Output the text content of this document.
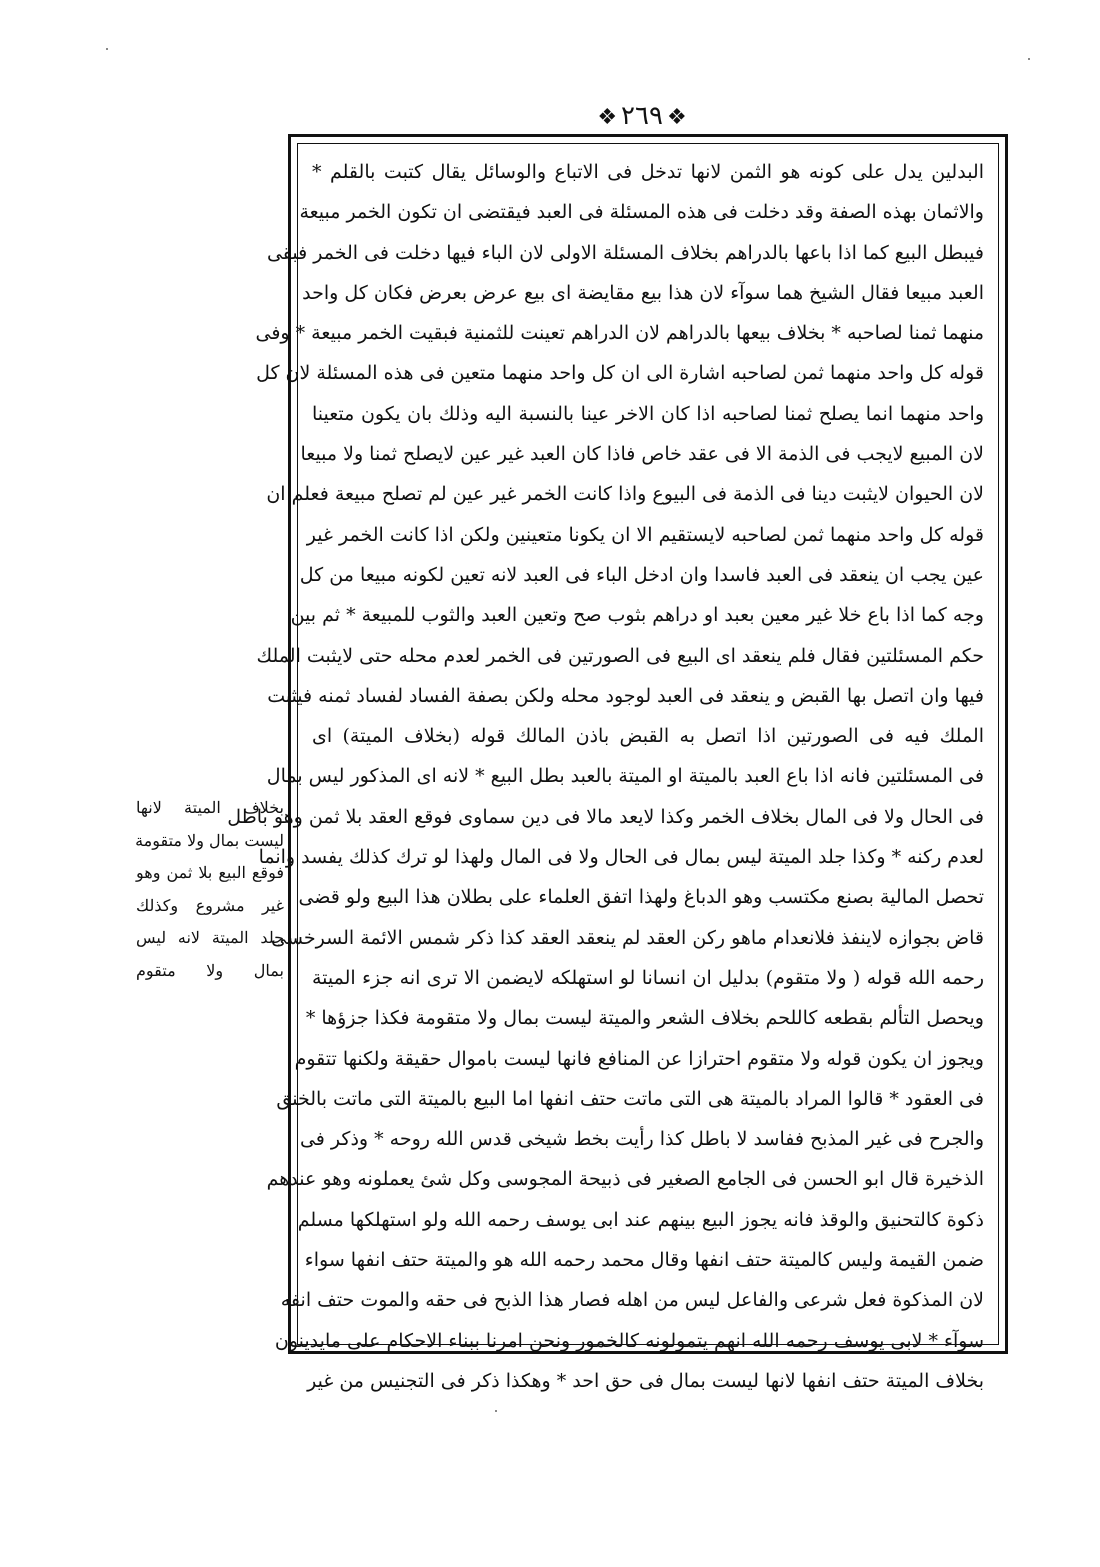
❖٢٦٩❖
البدلين يدل على كونه هو الثمن لانها تدخل فى الاتباع والوسائل يقال كتبت بالقلم *
والاثمان بهذه الصفة وقد دخلت فى هذه المسئلة فى العبد فيقتضى ان تكون الخمر مبيعة
فيبطل البيع كما اذا باعها بالدراهم بخلاف المسئلة الاولى لان الباء فيها دخلت فى الخمر فبقى
العبد مبيعا فقال الشيخ هما سوآء لان هذا بيع مقايضة اى بيع عرض بعرض فكان كل واحد
منهما ثمنا لصاحبه * بخلاف بيعها بالدراهم لان الدراهم تعينت للثمنية فبقيت الخمر مبيعة * وفى
قوله كل واحد منهما ثمن لصاحبه اشارة الى ان كل واحد منهما متعين فى هذه المسئلة لان كل
واحد منهما انما يصلح ثمنا لصاحبه اذا كان الاخر عينا بالنسبة اليه وذلك بان يكون متعينا
لان المبيع لايجب فى الذمة الا فى عقد خاص فاذا كان العبد غير عين لايصلح ثمنا ولا مبيعا
لان الحيوان لايثبت دينا فى الذمة فى البيوع واذا كانت الخمر غير عين لم تصلح مبيعة فعلم ان
قوله كل واحد منهما ثمن لصاحبه لايستقيم الا ان يكونا متعينين ولكن اذا كانت الخمر غير
عين يجب ان ينعقد فى العبد فاسدا وان ادخل الباء فى العبد لانه تعين لكونه مبيعا من كل
وجه كما اذا باع خلا غير معين بعبد او دراهم بثوب صح وتعين العبد والثوب للمبيعة * ثم بين
حكم المسئلتين فقال فلم ينعقد اى البيع فى الصورتين فى الخمر لعدم محله حتى لايثبت الملك
فيها وان اتصل بها القبض و ينعقد فى العبد لوجود محله ولكن بصفة الفساد لفساد ثمنه فيثبت
الملك فيه فى الصورتين اذا اتصل به القبض باذن المالك قوله (بخلاف الميتة) اى
فى المسئلتين فانه اذا باع العبد بالميتة او الميتة بالعبد بطل البيع * لانه اى المذكور ليس بمال
فى الحال ولا فى المال بخلاف الخمر وكذا لايعد مالا فى دين سماوى فوقع العقد بلا ثمن وهو باطل
لعدم ركنه * وكذا جلد الميتة ليس بمال فى الحال ولا فى المال ولهذا لو ترك كذلك يفسد وانما
تحصل المالية بصنع مكتسب وهو الدباغ ولهذا اتفق العلماء على بطلان هذا البيع ولو قضى
قاض بجوازه لاينفذ فلانعدام ماهو ركن العقد لم ينعقد العقد كذا ذكر شمس الائمة السرخسى
رحمه الله قوله ( ولا متقوم) بدليل ان انسانا لو استهلكه لايضمن الا ترى انه جزء الميتة
ويحصل التألم بقطعه كاللحم بخلاف الشعر والميتة ليست بمال ولا متقومة فكذا جزؤها *
ويجوز ان يكون قوله ولا متقوم احترازا عن المنافع فانها ليست باموال حقيقة ولكنها تتقوم
فى العقود * قالوا المراد بالميتة هى التى ماتت حتف انفها اما البيع بالميتة التى ماتت بالخنق
والجرح فى غير المذبح ففاسد لا باطل كذا رأيت بخط شيخى قدس الله روحه * وذكر فى
الذخيرة قال ابو الحسن فى الجامع الصغير فى ذبيحة المجوسى وكل شئ يعملونه وهو عندهم
ذكوة كالتحنيق والوقذ فانه يجوز البيع بينهم عند ابى يوسف رحمه الله ولو استهلكها مسلم
ضمن القيمة وليس كالميتة حتف انفها وقال محمد رحمه الله هو والميتة حتف انفها سواء
لان المذكوة فعل شرعى والفاعل ليس من اهله فصار هذا الذبح فى حقه والموت حتف انفه
سوآء * لابى يوسف رحمه الله انهم يتمولونه كالخمور ونحن امرنا ببناء الاحكام على مايدينون
بخلاف الميتة حتف انفها لانها ليست بمال فى حق احد * وهكذا ذكر فى التجنيس من غير
بخلاف الميتة لانها
ليست بمال ولا متقومة
فوقع البيع بلا ثمن وهو
غير مشروع وكذلك
جلد الميتة لانه ليس
بمال ولا متقوم
